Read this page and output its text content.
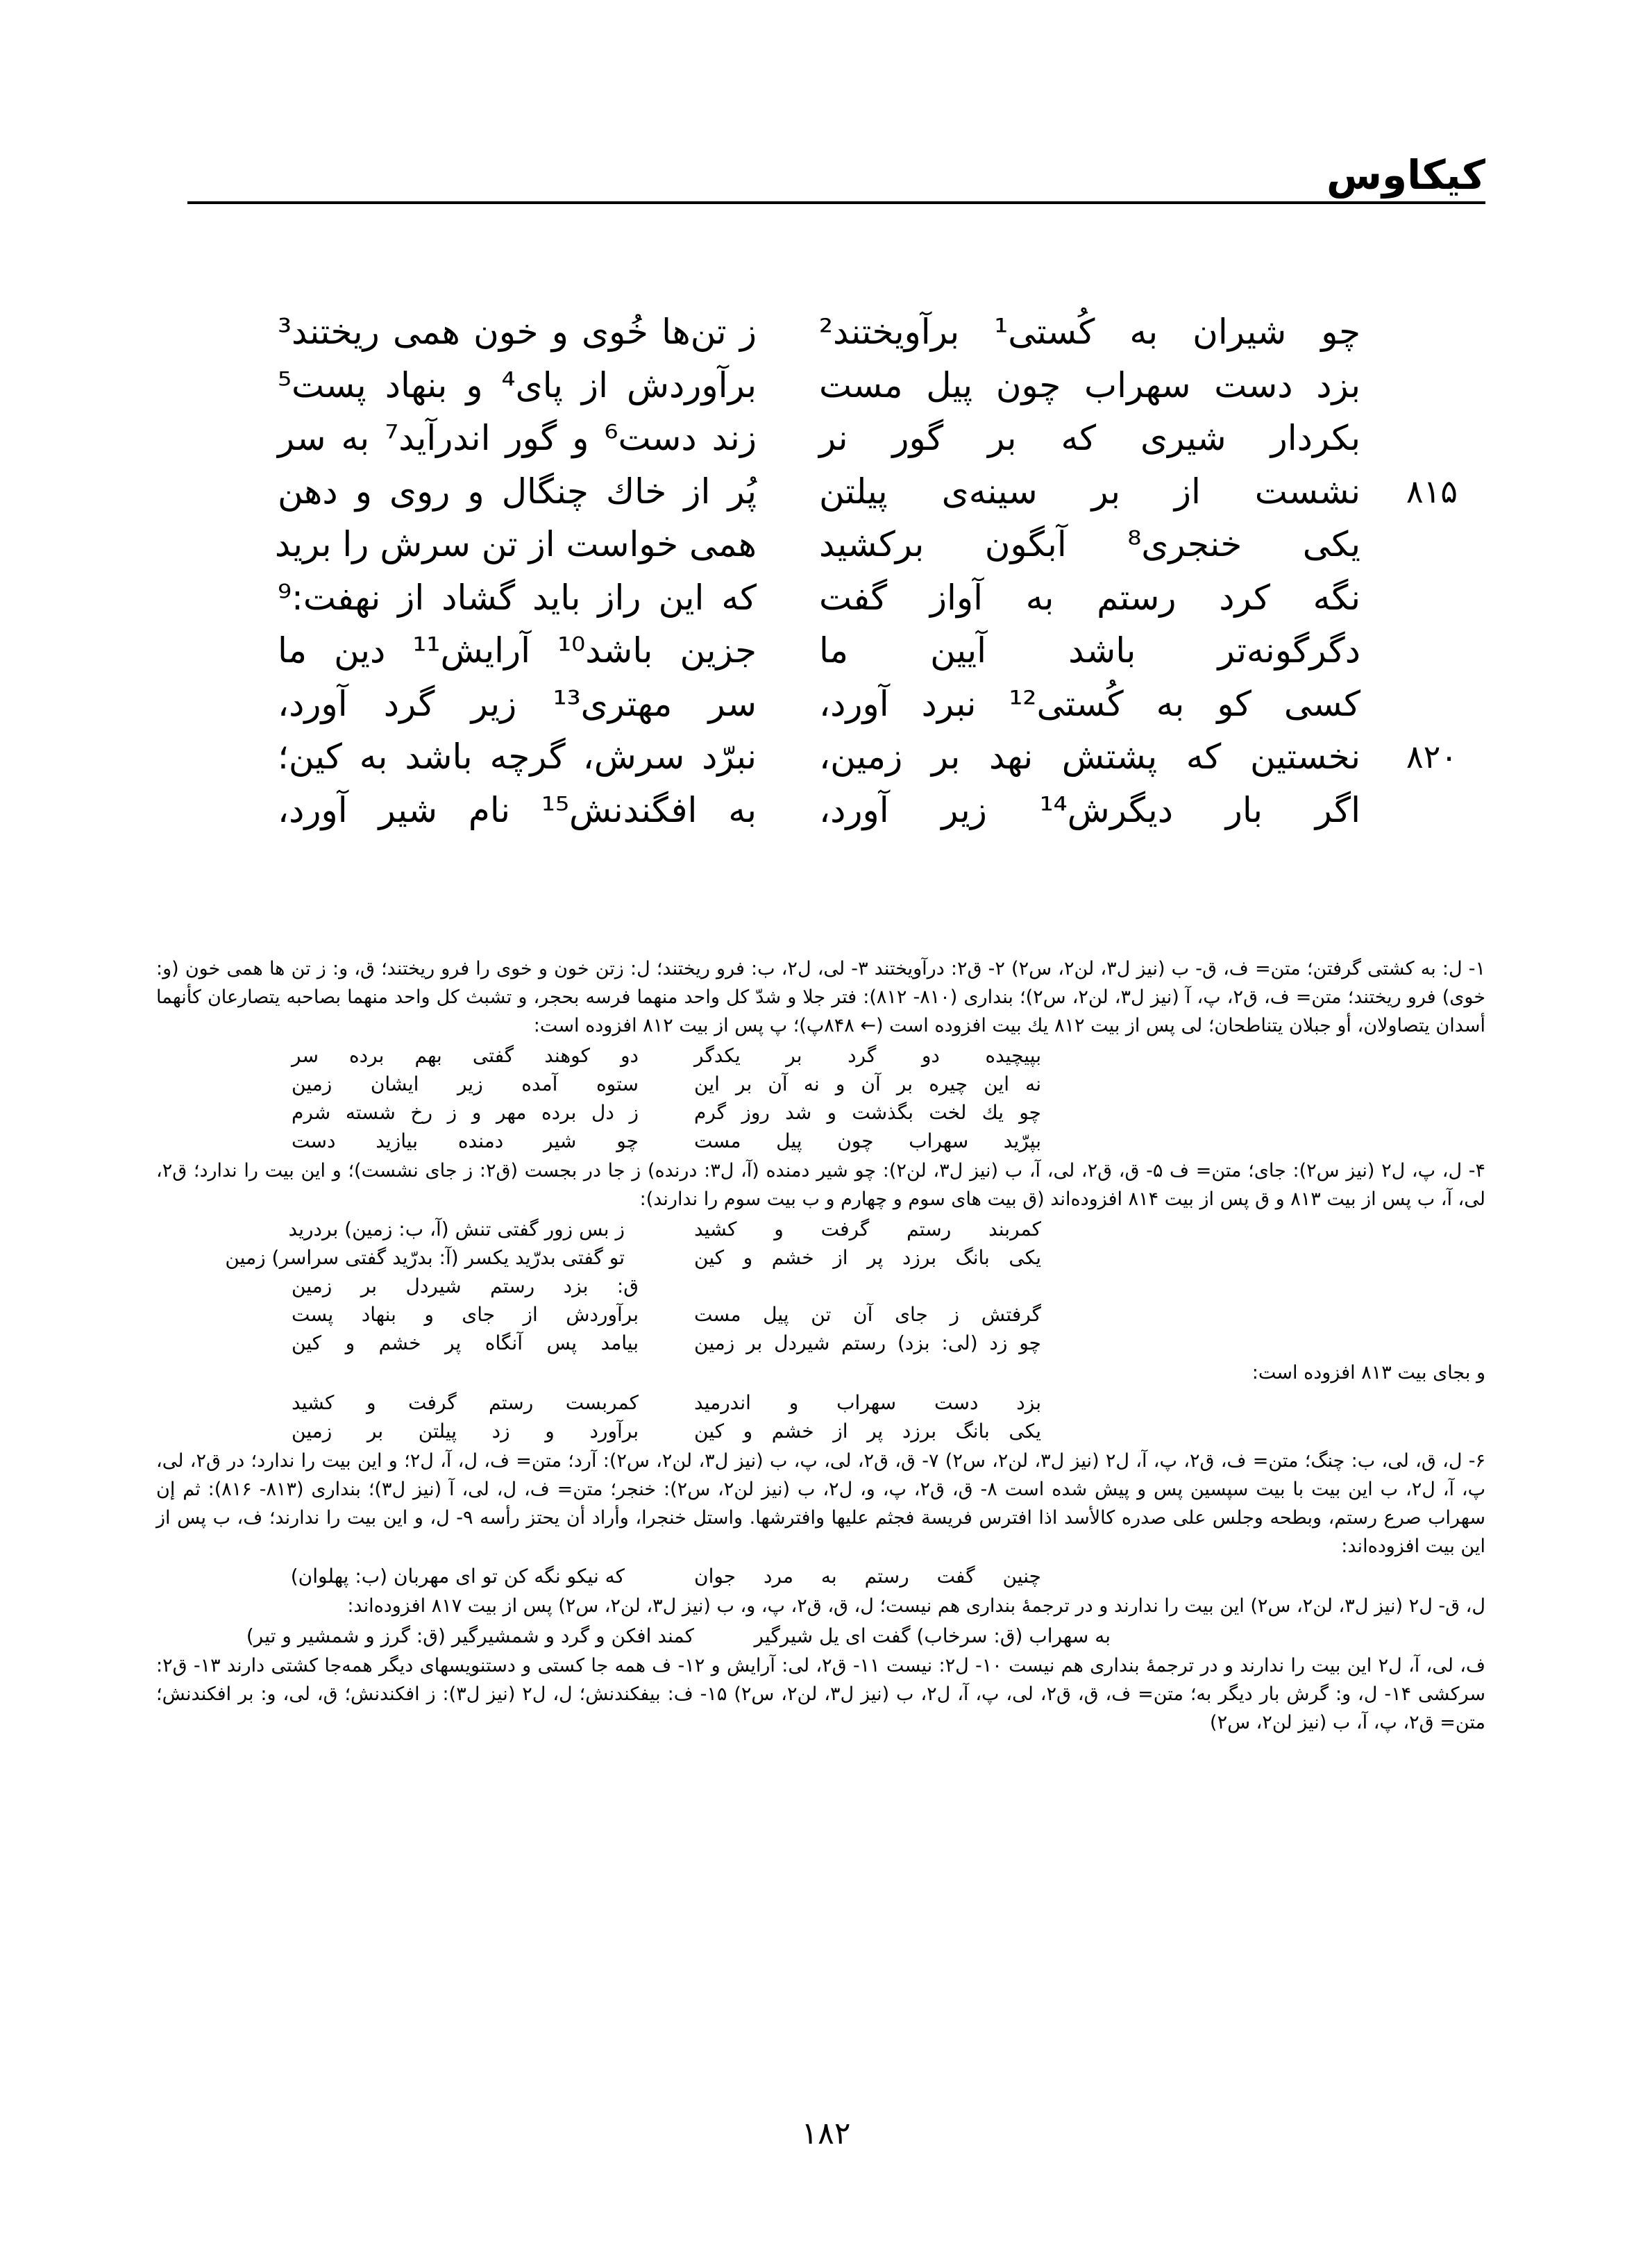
کیکاوس
چو شیران به کُستی¹ برآویختند²
ز تن‌ها خُوی و خون همی ریختند³
بزد دست سهراب چون پیل مست
برآوردش از پای⁴ و بنهاد پست⁵
بکردار شیری که بر گور نر
زند دست⁶ و گور اندرآید⁷ به سر
۸۱۵
نشست از بر سینه‌ی پیلتن
پُر از خاك چنگال و روی و دهن
یکی خنجری⁸ آبگون برکشید
همی خواست از تن سرش را برید
نگه کرد رستم به آواز گفت
که این راز باید گشاد از نهفت:⁹
دگرگونه‌تر باشد آیین ما
جزین باشد¹⁰ آرایش¹¹ دین ما
کسی کو به کُستی¹² نبرد آورد،
سر مهتری¹³ زیر گرد آورد،
۸۲۰
نخستین که پشتش نهد بر زمین،
نبرّد سرش، گرچه باشد به کین؛
اگر بار دیگرش¹⁴ زیر آورد،
به افگندنش¹⁵ نام شیر آورد،

۱- ل: به کشتی گرفتن؛ متن= ف، ق- ب (نیز ل۳، لن۲، س۲) ۲- ق۲: درآویختند ۳- لی، ل۲، ب: فرو ریختند؛ ل: زتن خون و خوی را فرو ریختند؛ ق، و: ز تن ها همی خون (و: خوی) فرو ریختند؛ متن= ف، ق۲، پ، آ (نیز ل۳، لن۲، س۲)؛ بنداری (۸۱۰- ۸۱۲): فتر جلا و شدّ كل واحد منهما فرسه بحجر، و تشبث كل واحد منهما بصاحبه يتصارعان كأنهما أسدان يتصاولان، أو جبلان يتناطحان؛ لی پس از بیت ۸۱۲ یك بیت افزوده است (← ۸۴۸پ)؛ پ پس از بیت ۸۱۲ افزوده است:

بپیچیده دو گرد بر یکدگر
دو کوهند گفتی بهم برده سر
نه این چیره بر آن و نه آن بر این
ستوه آمده زیر ایشان زمین
چو یك لخت بگذشت و شد روز گرم
ز دل برده مهر و ز رخ شسته شرم
بپرّید سهراب چون پیل مست
چو شیر دمنده بیازید دست

۴- ل، پ، ل۲ (نیز س۲): جای؛ متن= ف ۵- ق، ق۲، لی، آ، ب (نیز ل۳، لن۲): چو شیر دمنده (آ، ل۳: درنده) ز جا در بجست (ق۲: ز جای نشست)؛ و این بیت را ندارد؛ ق۲، لی، آ، ب پس از بیت ۸۱۳ و ق پس از بیت ۸۱۴ افزوده‌اند (ق بیت های سوم و چهارم و ب بیت سوم را ندارند):

کمربند رستم گرفت و کشید
ز بس زور گفتی تنش (آ، ب: زمین) بردرید
یکی بانگ برزد پر از خشم و کین
تو گفتی بدرّید یکسر (آ: بدرّید گفتی سراسر) زمین
ق: بزد رستم شیردل بر زمین
گرفتش ز جای آن تن پیل مست
برآوردش از جای و بنهاد پست
چو زد (لی: بزد) رستم شیردل بر زمین
بیامد پس آنگاه پر خشم و کین

و بجای بیت ۸۱۳ افزوده است:

بزد دست سهراب و اندرمید
کمربست رستم گرفت و کشید
یکی بانگ برزد پر از خشم و کین
برآورد و زد پیلتن بر زمین

۶- ل، ق، لی، ب: چنگ؛ متن= ف، ق۲، پ، آ، ل۲ (نیز ل۳، لن۲، س۲) ۷- ق، ق۲، لی، پ، ب (نیز ل۳، لن۲، س۲): آرد؛ متن= ف، ل، آ، ل۲؛ و این بیت را ندارد؛ در ق۲، لی، پ، آ، ل۲، ب این بیت با بیت سپسین پس و پیش شده است ۸- ق، ق۲، پ، و، ل۲، ب (نیز لن۲، س۲): خنجر؛ متن= ف، ل، لی، آ (نیز ل۳)؛ بنداری (۸۱۳- ۸۱۶): ثم إن سهراب صرع رستم، وبطحه وجلس على صدره كالأسد اذا افترس فريسة فجثم عليها وافترشها. واستل خنجرا، وأراد أن يحتز رأسه ۹- ل، و این بیت را ندارند؛ ف، ب پس از این بیت افزوده‌اند:

چنین گفت رستم به مرد جوان
که نیکو نگه کن تو ای مهربان (ب: پهلوان)

ل، ق- ل۲ (نیز ل۳، لن۲، س۲) این بیت را ندارند و در ترجمهٔ بنداری هم نیست؛ ل، ق، ق۲، پ، و، ب (نیز ل۳، لن۲، س۲) پس از بیت ۸۱۷ افزوده‌اند:

به سهراب (ق: سرخاب) گفت ای یل شیرگیر
کمند افکن و گرد و شمشیرگیر (ق: گرز و شمشیر و تیر)

ف، لی، آ، ل۲ این بیت را ندارند و در ترجمهٔ بنداری هم نیست ۱۰- ل۲: نیست ۱۱- ق۲، لی: آرایش و ۱۲- ف همه جا کستی و دستنویسهای دیگر همه‌جا کشتی دارند ۱۳- ق۲: سرکشی ۱۴- ل، و: گرش بار دیگر به؛ متن= ف، ق، ق۲، لی، پ، آ، ل۲، ب (نیز ل۳، لن۲، س۲) ۱۵- ف: بیفکندنش؛ ل، ل۲ (نیز ل۳): ز افکندنش؛ ق، لی، و: بر افکندنش؛ متن= ق۲، پ، آ، ب (نیز لن۲، س۲)

۱۸۲
